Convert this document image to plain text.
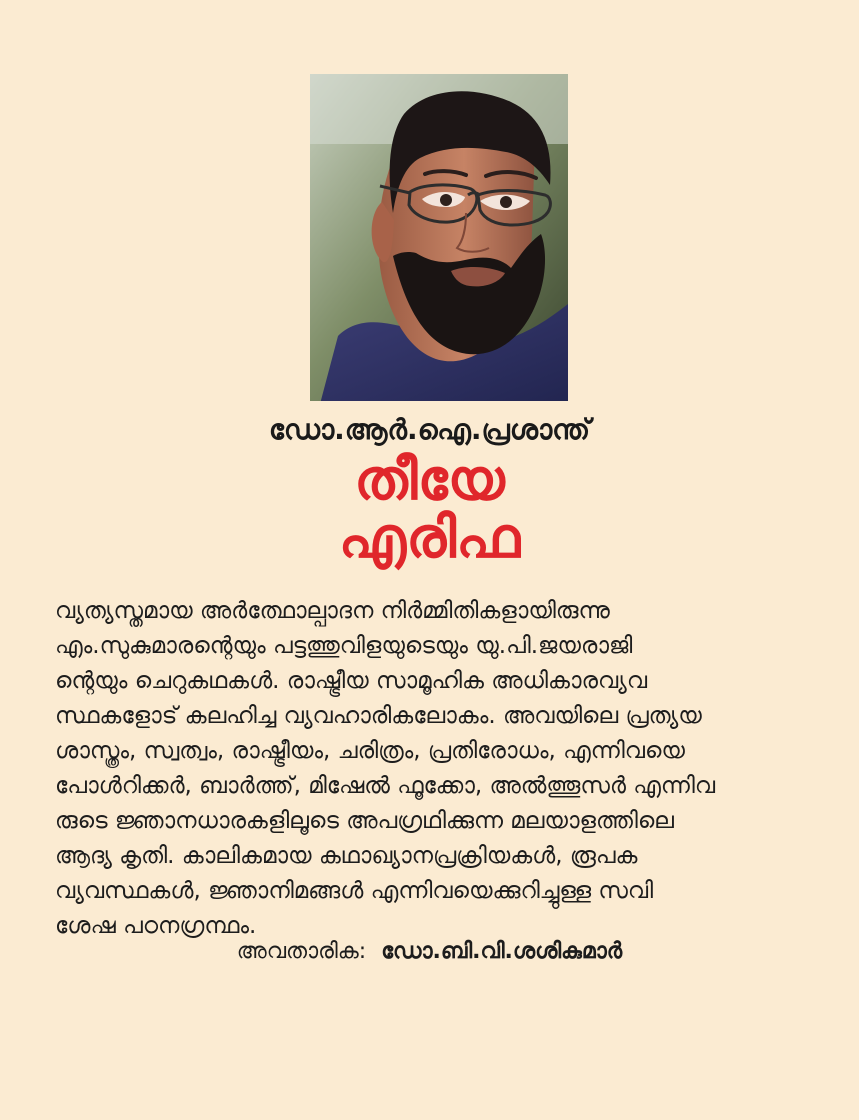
ഡോ.ആർ.ഐ.പ്രശാന്ത്
തീയേ
എരിഫ
വ്യത്യസ്തമായ അർത്ഥോല്പാദന നിർമ്മിതികളായിരുന്നു
എം.സുകുമാരന്റെയും പട്ടത്തുവിളയുടെയും യു.പി.ജയരാജി
ന്റെയും ചെറുകഥകൾ. രാഷ്ട്രീയ സാമൂഹിക അധികാരവ്യവ
സ്ഥകളോട് കലഹിച്ച വ്യവഹാരികലോകം. അവയിലെ പ്രത്യയ
ശാസ്ത്രം, സ്വത്വം, രാഷ്ട്രീയം, ചരിത്രം, പ്രതിരോധം, എന്നിവയെ
പോൾറിക്കർ, ബാർത്ത്, മിഷേൽ ഫൂക്കോ, അൽത്തൂസർ എന്നിവ
രുടെ ജ്ഞാനധാരകളിലൂടെ അപഗ്രഥിക്കുന്ന മലയാളത്തിലെ
ആദ്യ കൃതി. കാലികമായ കഥാഖ്യാനപ്രക്രിയകൾ, രൂപക
വ്യവസ്ഥകൾ, ജ്ഞാനിമങ്ങൾ എന്നിവയെക്കുറിച്ചുള്ള സവി
ശേഷ പഠനഗ്രന്ഥം.
അവതാരിക: ഡോ.ബി.വി.ശശികുമാർ
